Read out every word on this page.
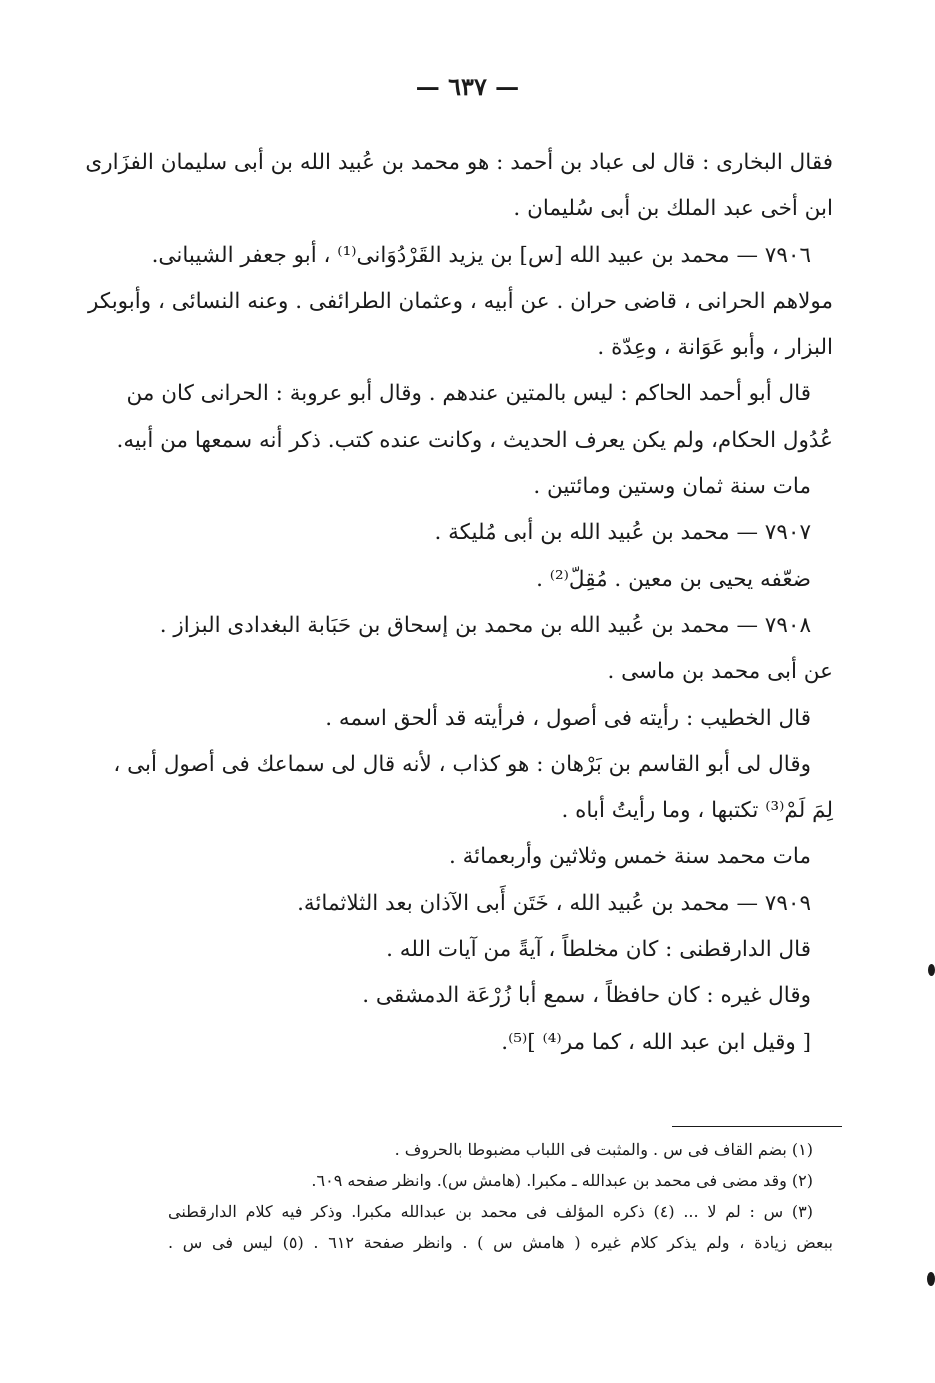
— ٦٣٧ —
فقال البخارى : قال لى عباد بن أحمد : هو محمد بن عُبيد الله بن أبى سليمان الفزَارى
ابن أخى عبد الملك بن أبى سُليمان .
٧٩٠٦ — محمد بن عبيد الله [س] بن يزيد القَرْدُوَانى⁽¹⁾ ، أبو جعفر الشيبانى.
مولاهم الحرانى ، قاضى حران . عن أبيه ، وعثمان الطرائفى . وعنه النسائى ، وأبوبكر
البزار ، وأبو عَوَانة ، وعِدّة .
قال أبو أحمد الحاكم : ليس بالمتين عندهم . وقال أبو عروبة : الحرانى كان من
عُدُول الحكام، ولم يكن يعرف الحديث ، وكانت عنده كتب. ذكر أنه سمعها من أبيه.
مات سنة ثمان وستين ومائتين .
٧٩٠٧ — محمد بن عُبيد الله بن أبى مُليكة .
ضعّفه يحيى بن معين . مُقِلّ⁽²⁾ .
٧٩٠٨ — محمد بن عُبيد الله بن محمد بن إسحاق بن حَبَابة البغدادى البزاز .
عن أبى محمد بن ماسى .
قال الخطيب : رأيته فى أصول ، فرأيته قد ألحق اسمه .
وقال لى أبو القاسم بن بَرْهان : هو كذاب ، لأنه قال لى سماعك فى أصول أبى ،
لِمَ لَمْ⁽³⁾ تكتبها ، وما رأيتُ أباه .
مات محمد سنة خمس وثلاثين وأربعمائة .
٧٩٠٩ — محمد بن عُبيد الله ، خَتَن أَبى الآذان بعد الثلاثمائة.
قال الدارقطنى : كان مخلطاً ، آيةً من آيات الله .
وقال غيره : كان حافظاً ، سمع أبا زُرْعَة الدمشقى .
[ وقيل ابن عبد الله ، كما مر⁽⁴⁾ ]⁽⁵⁾.
(١) بضم القاف فى س . والمثبت فى اللباب مضبوطا بالحروف .
(٢) وقد مضى فى محمد بن عبدالله ـ مكبرا. (هامش س). وانظر صفحه ٦٠٩.
(٣) س : لم لا ... (٤) ذكره المؤلف فى محمد بن عبدالله مكبرا. وذكر فيه كلام الدارقطنى
ببعض زيادة ، ولم يذكر كلام غيره ( هامش س ) . وانظر صفحة ٦١٢ . (٥) ليس فى س .
